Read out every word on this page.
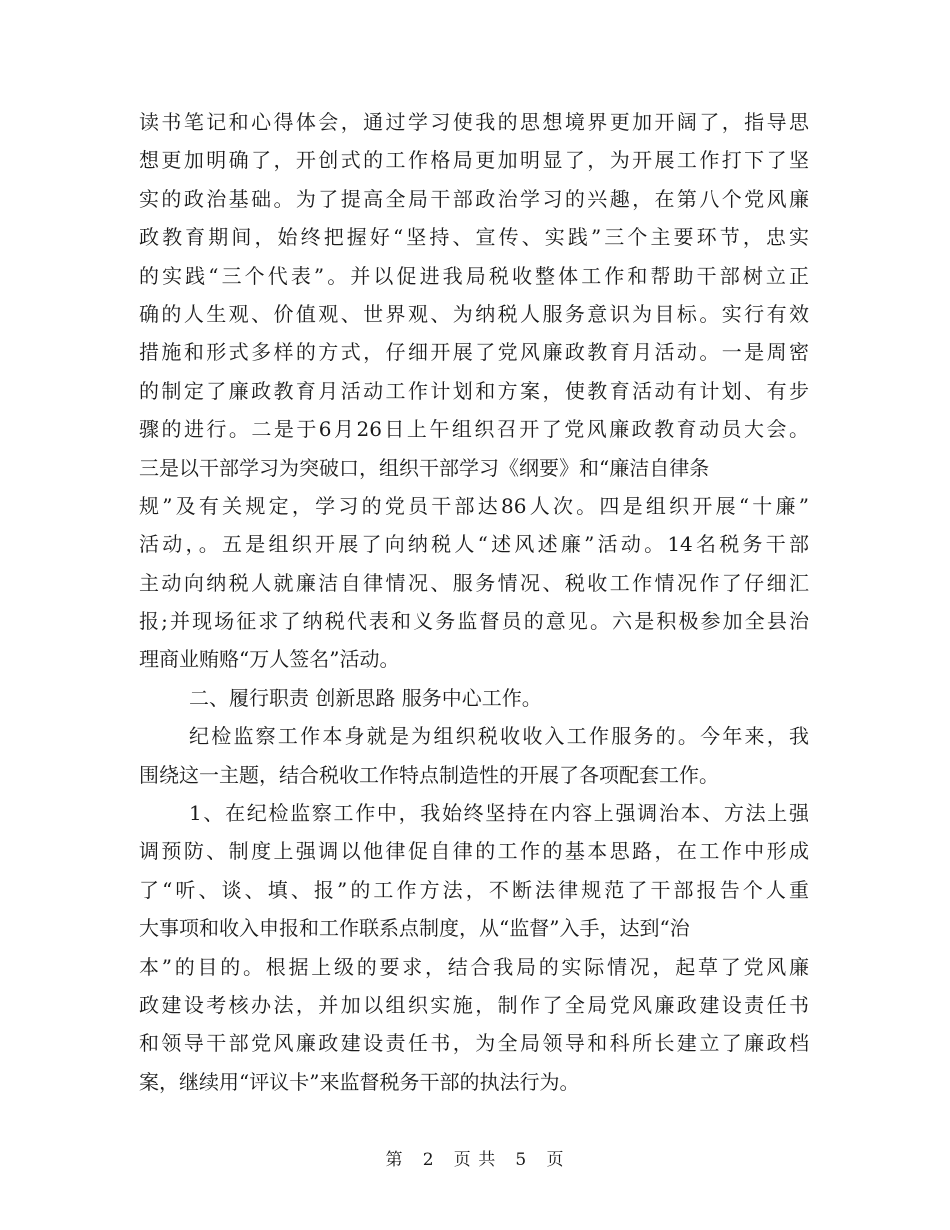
读书笔记和心得体会，通过学习使我的思想境界更加开阔了，指导思
想更加明确了，开创式的工作格局更加明显了，为开展工作打下了坚
实的政治基础。为了提高全局干部政治学习的兴趣，在第八个党风廉
政教育期间，始终把握好“坚持、宣传、实践”三个主要环节，忠实
的实践“三个代表”。并以促进我局税收整体工作和帮助干部树立正
确的人生观、价值观、世界观、为纳税人服务意识为目标。实行有效
措施和形式多样的方式，仔细开展了党风廉政教育月活动。一是周密
的制定了廉政教育月活动工作计划和方案，使教育活动有计划、有步
骤的进行。二是于6月26日上午组织召开了党风廉政教育动员大会。
三是以干部学习为突破口，组织干部学习《纲要》和“廉洁自律条
规”及有关规定，学习的党员干部达86人次。四是组织开展“十廉”
活动，。五是组织开展了向纳税人“述风述廉”活动。14名税务干部
主动向纳税人就廉洁自律情况、服务情况、税收工作情况作了仔细汇
报;并现场征求了纳税代表和义务监督员的意见。六是积极参加全县治
理商业贿赂“万人签名”活动。
二、履行职责 创新思路 服务中心工作。
纪检监察工作本身就是为组织税收收入工作服务的。今年来，我
围绕这一主题，结合税收工作特点制造性的开展了各项配套工作。
1、在纪检监察工作中，我始终坚持在内容上强调治本、方法上强
调预防、制度上强调以他律促自律的工作的基本思路，在工作中形成
了“听、谈、填、报”的工作方法，不断法律规范了干部报告个人重
大事项和收入申报和工作联系点制度，从“监督”入手，达到“治
本”的目的。根据上级的要求，结合我局的实际情况，起草了党风廉
政建设考核办法，并加以组织实施，制作了全局党风廉政建设责任书
和领导干部党风廉政建设责任书，为全局领导和科所长建立了廉政档
案，继续用“评议卡”来监督税务干部的执法行为。
第 2 页 共 5 页
